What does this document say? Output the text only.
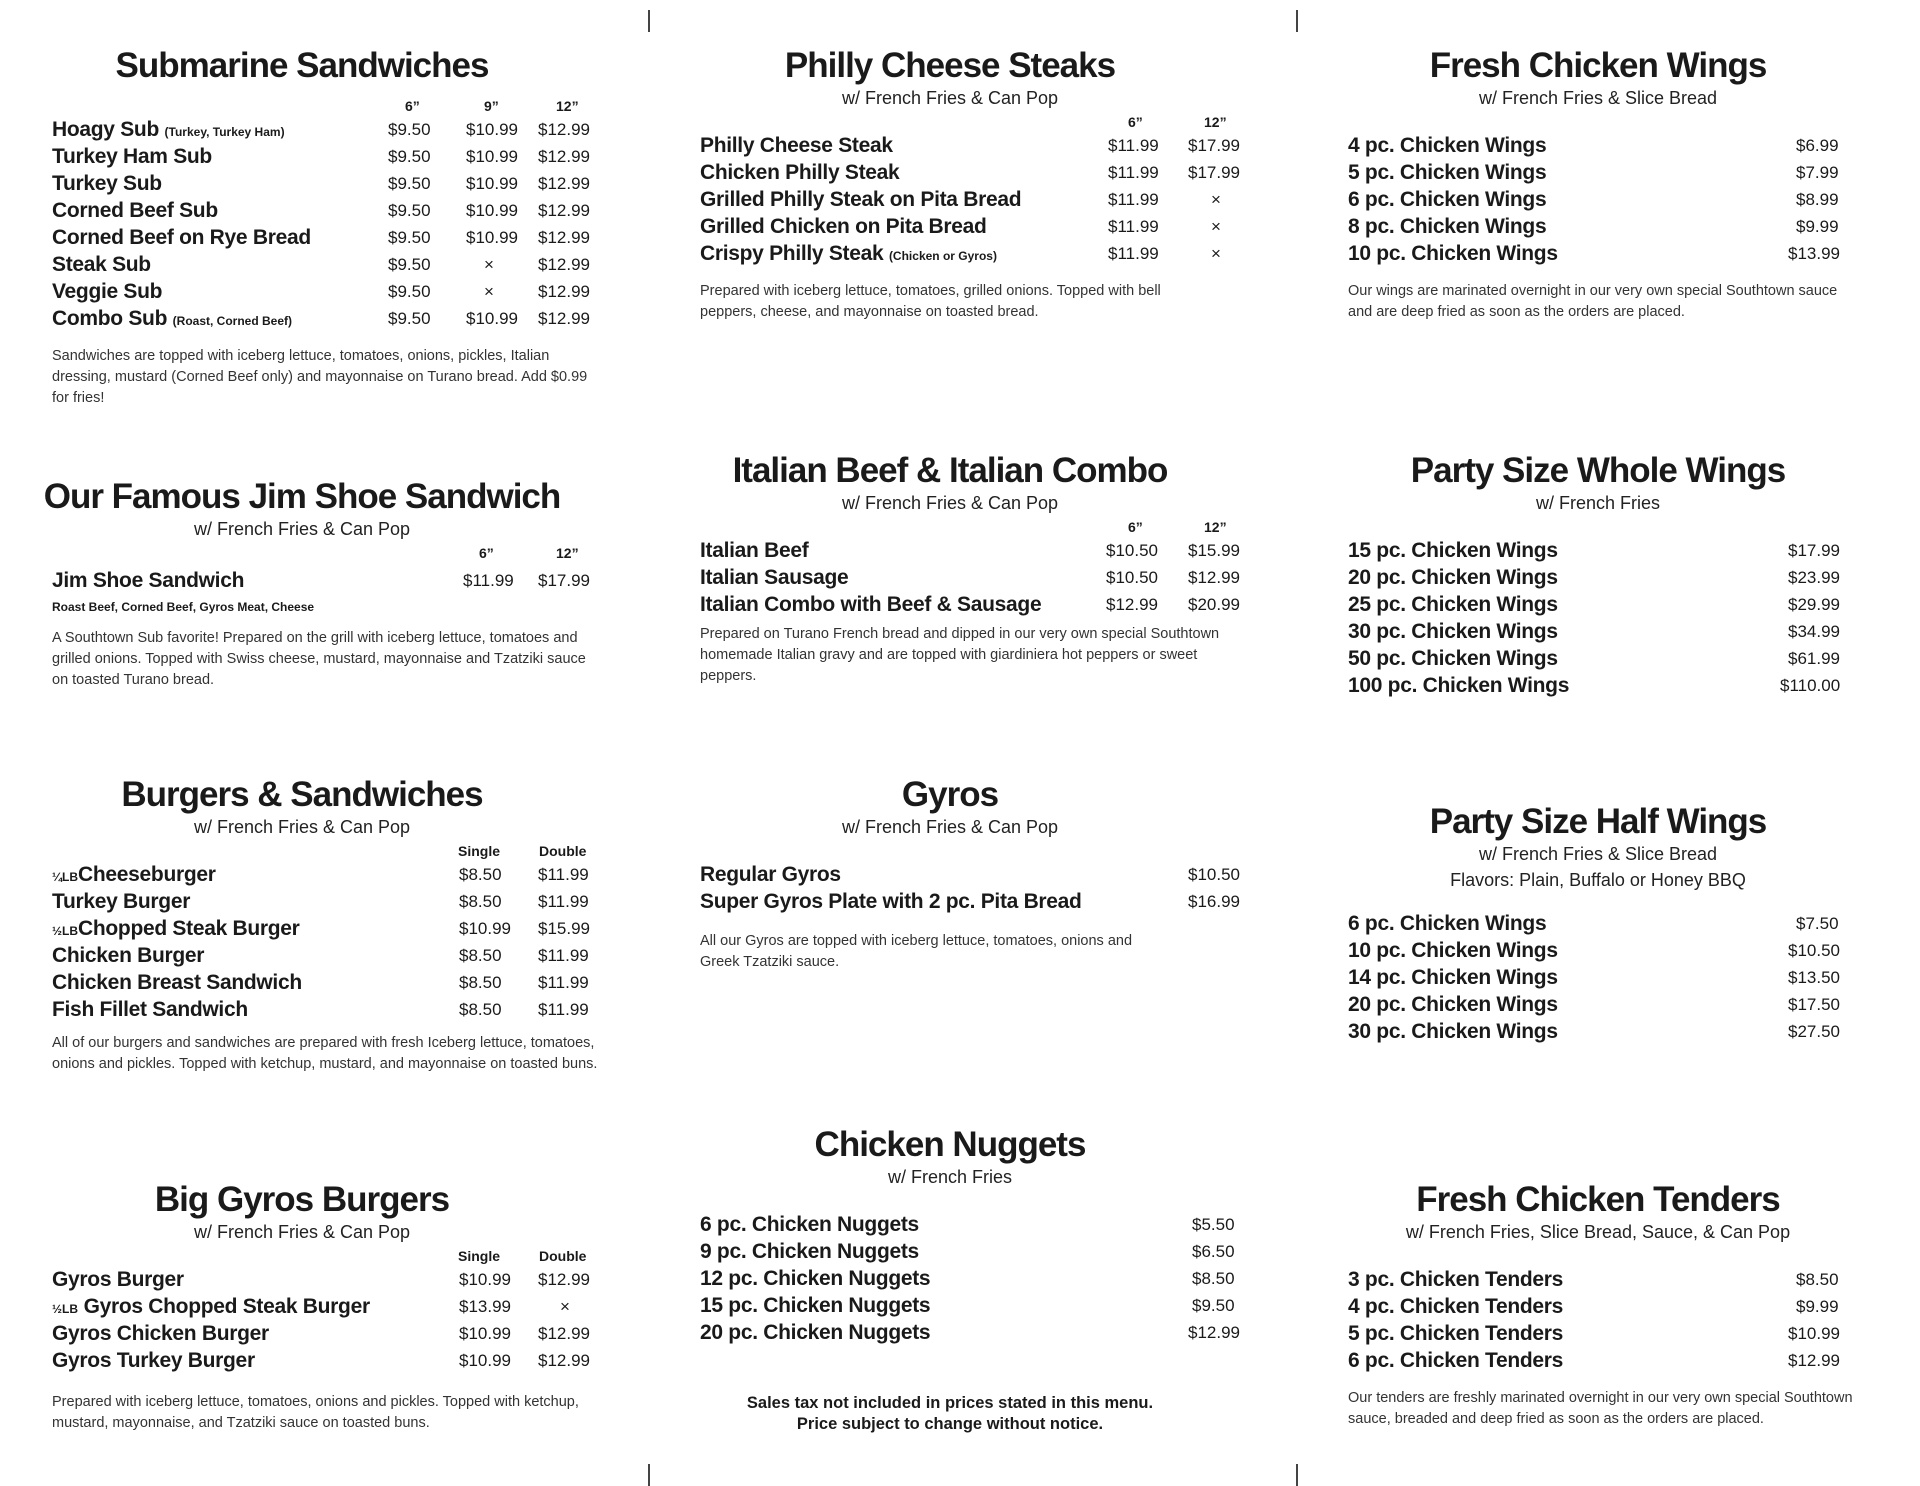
Submarine Sandwiches
6”	9”	12”
Hoagy Sub (Turkey, Turkey Ham)	$9.50 $10.99 $12.99
Turkey Ham Sub	$9.50 $10.99 $12.99
Turkey Sub	$9.50 $10.99 $12.99
Corned Beef Sub	$9.50 $10.99 $12.99
Corned Beef on Rye Bread	$9.50 $10.99 $12.99
Steak Sub	$9.50	×	$12.99
Veggie Sub	$9.50	×	$12.99
Combo Sub (Roast, Corned Beef)	$9.50 $10.99 $12.99

Sandwiches are topped with iceberg lettuce, tomatoes, onions, pickles, Italian dressing, mustard (Corned Beef only) and mayonnaise on Turano bread. Add $0.99 for fries!

Our Famous Jim Shoe Sandwich

w/ French Fries & Can Pop

6”	12”
Jim Shoe Sandwich	$11.99 $17.99

Roast Beef, Corned Beef, Gyros Meat, Cheese

A Southtown Sub favorite! Prepared on the grill with iceberg lettuce, tomatoes and grilled onions. Topped with Swiss cheese, mustard, mayonnaise and Tzatziki sauce on toasted Turano bread.

Burgers & Sandwiches

w/ French Fries & Can Pop

Single	Double
¼LBCheeseburger	$8.50 $11.99
Turkey Burger	$8.50 $11.99
½LBChopped Steak Burger	$10.99 $15.99
Chicken Burger	$8.50 $11.99
Chicken Breast Sandwich	$8.50 $11.99
Fish Fillet Sandwich	$8.50 $11.99

All of our burgers and sandwiches are prepared with fresh Iceberg lettuce, tomatoes, onions and pickles. Topped with ketchup, mustard, and mayonnaise on toasted buns.

Big Gyros Burgers

w/ French Fries & Can Pop

Single	Double
Gyros Burger	$10.99 $12.99
½LB Gyros Chopped Steak Burger	$13.99	×
Gyros Chicken Burger	$10.99 $12.99
Gyros Turkey Burger	$10.99 $12.99

Prepared with iceberg lettuce, tomatoes, onions and pickles. Topped with ketchup, mustard, mayonnaise, and Tzatziki sauce on toasted buns.

Philly Cheese Steaks

w/ French Fries & Can Pop

6”	12”
Philly Cheese Steak	$11.99 $17.99
Chicken Philly Steak	$11.99 $17.99
Grilled Philly Steak on Pita Bread	$11.99	×
Grilled Chicken on Pita Bread	$11.99	×
Crispy Philly Steak (Chicken or Gyros)	$11.99	×

Prepared with iceberg lettuce, tomatoes, grilled onions. Topped with bell peppers, cheese, and mayonnaise on toasted bread.

Italian Beef & Italian Combo

w/ French Fries & Can Pop

6”	12”
Italian Beef	$10.50 $15.99
Italian Sausage	$10.50 $12.99
Italian Combo with Beef & Sausage	$12.99 $20.99

Prepared on Turano French bread and dipped in our very own special Southtown homemade Italian gravy and are topped with giardiniera hot peppers or sweet peppers.

Gyros

w/ French Fries & Can Pop

Regular Gyros	$10.50
Super Gyros Plate with 2 pc. Pita Bread	$16.99

All our Gyros are topped with iceberg lettuce, tomatoes, onions and Greek Tzatziki sauce.

Chicken Nuggets

w/ French Fries

6 pc. Chicken Nuggets	$5.50
9 pc. Chicken Nuggets	$6.50
12 pc. Chicken Nuggets	$8.50
15 pc. Chicken Nuggets	$9.50
20 pc. Chicken Nuggets	$12.99
Sales tax not included in prices stated in this menu.
Price subject to change without notice.
Fresh Chicken Wings

w/ French Fries & Slice Bread

4 pc. Chicken Wings	$6.99
5 pc. Chicken Wings	$7.99
6 pc. Chicken Wings	$8.99
8 pc. Chicken Wings	$9.99
10 pc. Chicken Wings	$13.99

Our wings are marinated overnight in our very own special Southtown sauce and are deep fried as soon as the orders are placed.

Party Size Whole Wings

w/ French Fries

15 pc. Chicken Wings	$17.99
20 pc. Chicken Wings	$23.99
25 pc. Chicken Wings	$29.99
30 pc. Chicken Wings	$34.99
50 pc. Chicken Wings	$61.99
100 pc. Chicken Wings	$110.00
Party Size Half Wings

w/ French Fries & Slice Bread

Flavors: Plain, Buffalo or Honey BBQ

6 pc. Chicken Wings	$7.50
10 pc. Chicken Wings	$10.50
14 pc. Chicken Wings	$13.50
20 pc. Chicken Wings	$17.50
30 pc. Chicken Wings	$27.50
Fresh Chicken Tenders

w/ French Fries, Slice Bread, Sauce, & Can Pop

3 pc. Chicken Tenders	$8.50
4 pc. Chicken Tenders	$9.99
5 pc. Chicken Tenders	$10.99
6 pc. Chicken Tenders	$12.99

Our tenders are freshly marinated overnight in our very own special Southtown sauce, breaded and deep fried as soon as the orders are placed.
